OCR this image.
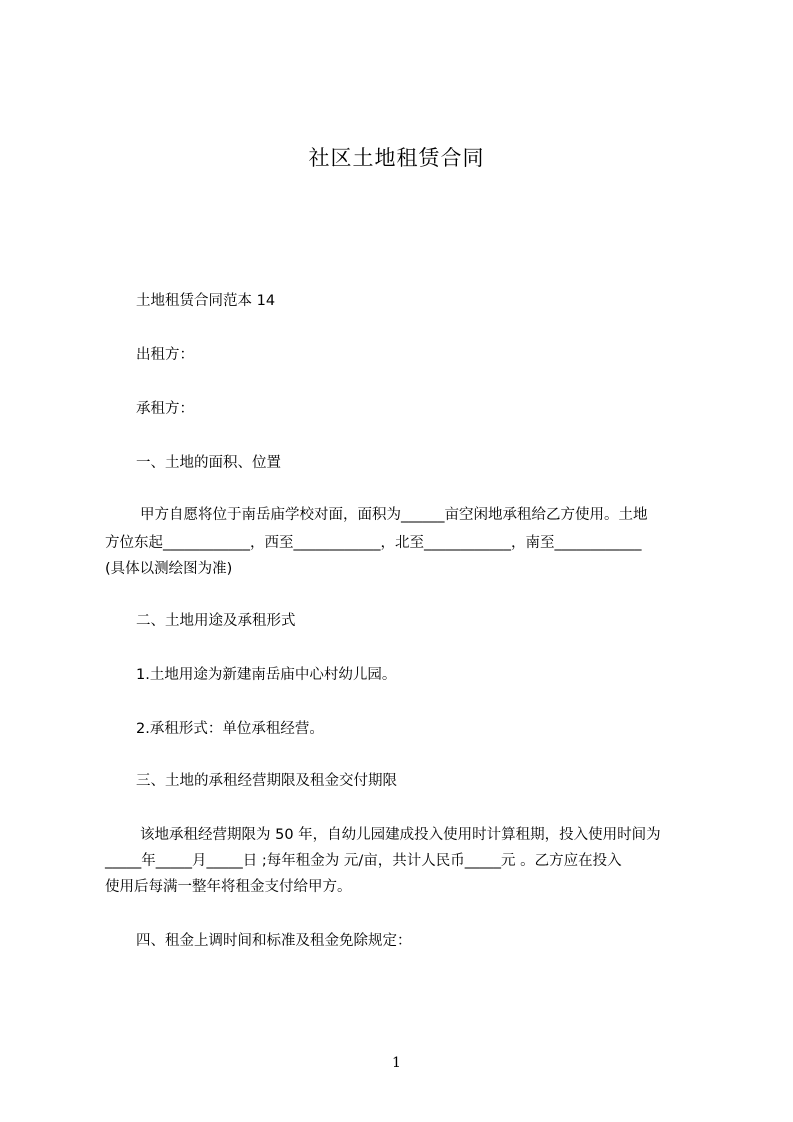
社区土地租赁合同
土地租赁合同范本 14
出租方：
承租方：
一、土地的面积、位置
甲方自愿将位于南岳庙学校对面，面积为______亩空闲地承租给乙方使用。土地
方位东起____________，西至____________，北至____________，南至____________
(具体以测绘图为准)
二、土地用途及承租形式
1.土地用途为新建南岳庙中心村幼儿园。
2.承租形式：单位承租经营。
三、土地的承租经营期限及租金交付期限
该地承租经营期限为 50 年，自幼儿园建成投入使用时计算租期，投入使用时间为
_____年_____月_____日 ;每年租金为 元/亩，共计人民币_____元 。乙方应在投入
使用后每满一整年将租金支付给甲方。
四、租金上调时间和标准及租金免除规定：
1
